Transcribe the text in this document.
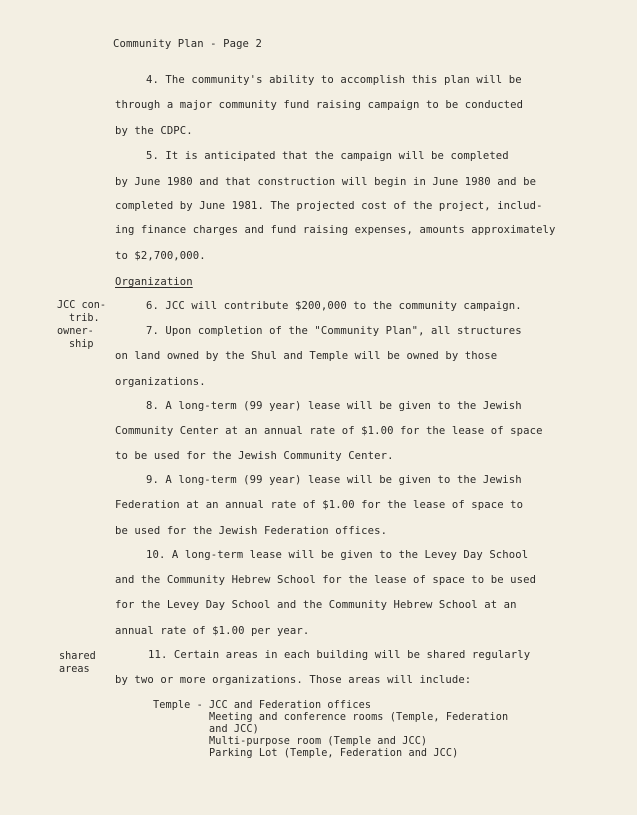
Community Plan - Page 2
4. The community's ability to accomplish this plan will be
through a major community fund raising campaign to be conducted
by the CDPC.
5. It is anticipated that the campaign will be completed
by June 1980 and that construction will begin in June 1980 and be
completed by June 1981. The projected cost of the project, includ-
ing finance charges and fund raising expenses, amounts approximately
to $2,700,000.
Organization
JCC con-
trib.
owner-
ship
6. JCC will contribute $200,000 to the community campaign.
7. Upon completion of the "Community Plan", all structures
on land owned by the Shul and Temple will be owned by those
organizations.
8. A long-term (99 year) lease will be given to the Jewish
Community Center at an annual rate of $1.00 for the lease of space
to be used for the Jewish Community Center.
9. A long-term (99 year) lease will be given to the Jewish
Federation at an annual rate of $1.00 for the lease of space to
be used for the Jewish Federation offices.
10. A long-term lease will be given to the Levey Day School
and the Community Hebrew School for the lease of space to be used
for the Levey Day School and the Community Hebrew School at an
annual rate of $1.00 per year.
shared
areas
11. Certain areas in each building will be shared regularly
by two or more organizations. Those areas will include:
Temple - JCC and Federation offices
Meeting and conference rooms (Temple, Federation
and JCC)
Multi-purpose room (Temple and JCC)
Parking Lot (Temple, Federation and JCC)
